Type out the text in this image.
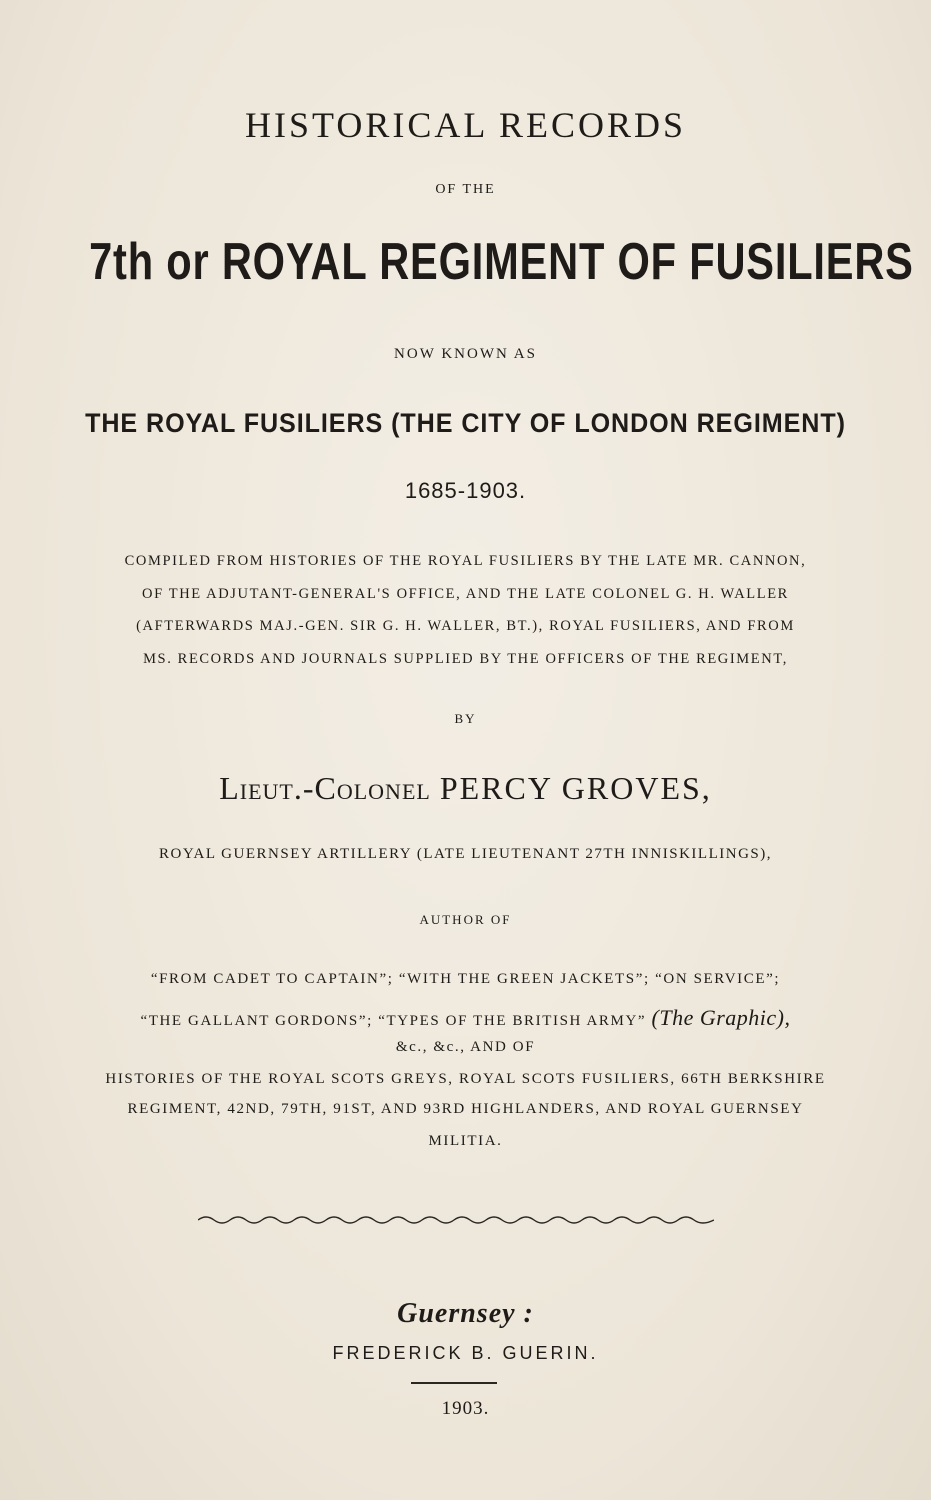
HISTORICAL RECORDS

OF THE

7th or ROYAL REGIMENT OF FUSILIERS

NOW KNOWN AS

THE ROYAL FUSILIERS (THE CITY OF LONDON REGIMENT)

1685-1903.

COMPILED FROM HISTORIES OF THE ROYAL FUSILIERS BY THE LATE MR. CANNON,

OF THE ADJUTANT-GENERAL'S OFFICE, AND THE LATE COLONEL G. H. WALLER

(AFTERWARDS MAJ.-GEN. SIR G. H. WALLER, BT.), ROYAL FUSILIERS, AND FROM

MS. RECORDS AND JOURNALS SUPPLIED BY THE OFFICERS OF THE REGIMENT,

BY

Lieut.-Colonel PERCY GROVES,

ROYAL GUERNSEY ARTILLERY (LATE LIEUTENANT 27TH INNISKILLINGS),

AUTHOR OF

“FROM CADET TO CAPTAIN”; “WITH THE GREEN JACKETS”; “ON SERVICE”;

“THE GALLANT GORDONS”; “TYPES OF THE BRITISH ARMY” (The Graphic),

&c., &c., AND OF

HISTORIES OF THE ROYAL SCOTS GREYS, ROYAL SCOTS FUSILIERS, 66TH BERKSHIRE

REGIMENT, 42ND, 79TH, 91ST, AND 93RD HIGHLANDERS, AND ROYAL GUERNSEY

MILITIA.

Guernsey :

FREDERICK B. GUERIN.

1903.
